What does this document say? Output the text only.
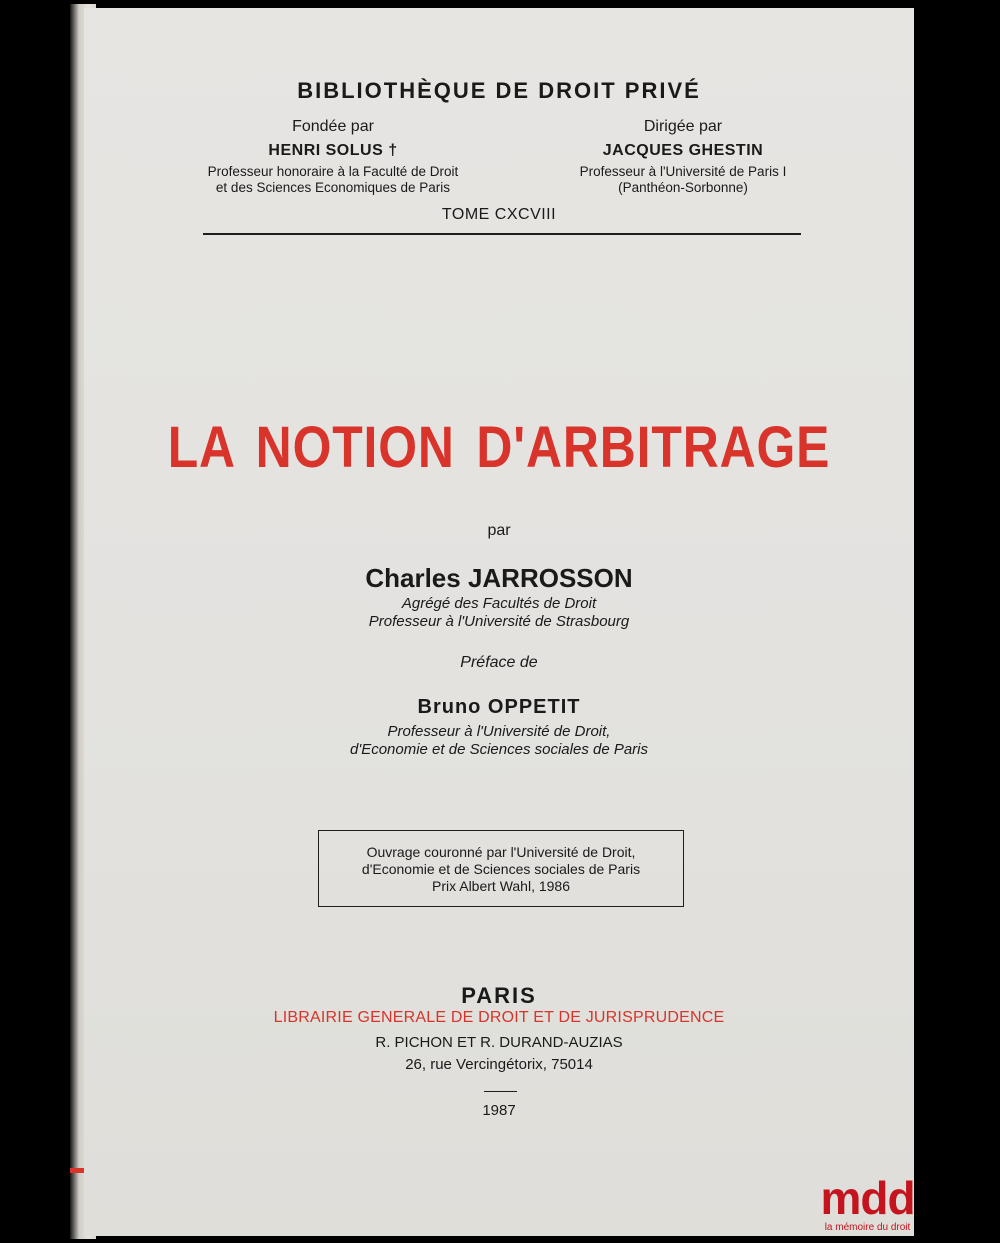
BIBLIOTHÈQUE DE DROIT PRIVÉ
Fondée par
HENRI SOLUS †
Professeur honoraire à la Faculté de Droit
et des Sciences Economiques de Paris
Dirigée par
JACQUES GHESTIN
Professeur à l'Université de Paris I
(Panthéon-Sorbonne)
TOME CXCVIII
LA NOTION D'ARBITRAGE
par
Charles JARROSSON
Agrégé des Facultés de Droit
Professeur à l'Université de Strasbourg
Préface de
Bruno OPPETIT
Professeur à l'Université de Droit,
d'Economie et de Sciences sociales de Paris
Ouvrage couronné par l'Université de Droit,
d'Economie et de Sciences sociales de Paris
Prix Albert Wahl, 1986
PARIS
LIBRAIRIE GENERALE DE DROIT ET DE JURISPRUDENCE
R. PICHON ET R. DURAND-AUZIAS
26, rue Vercingétorix, 75014
1987
mdd
la mémoire du droit
